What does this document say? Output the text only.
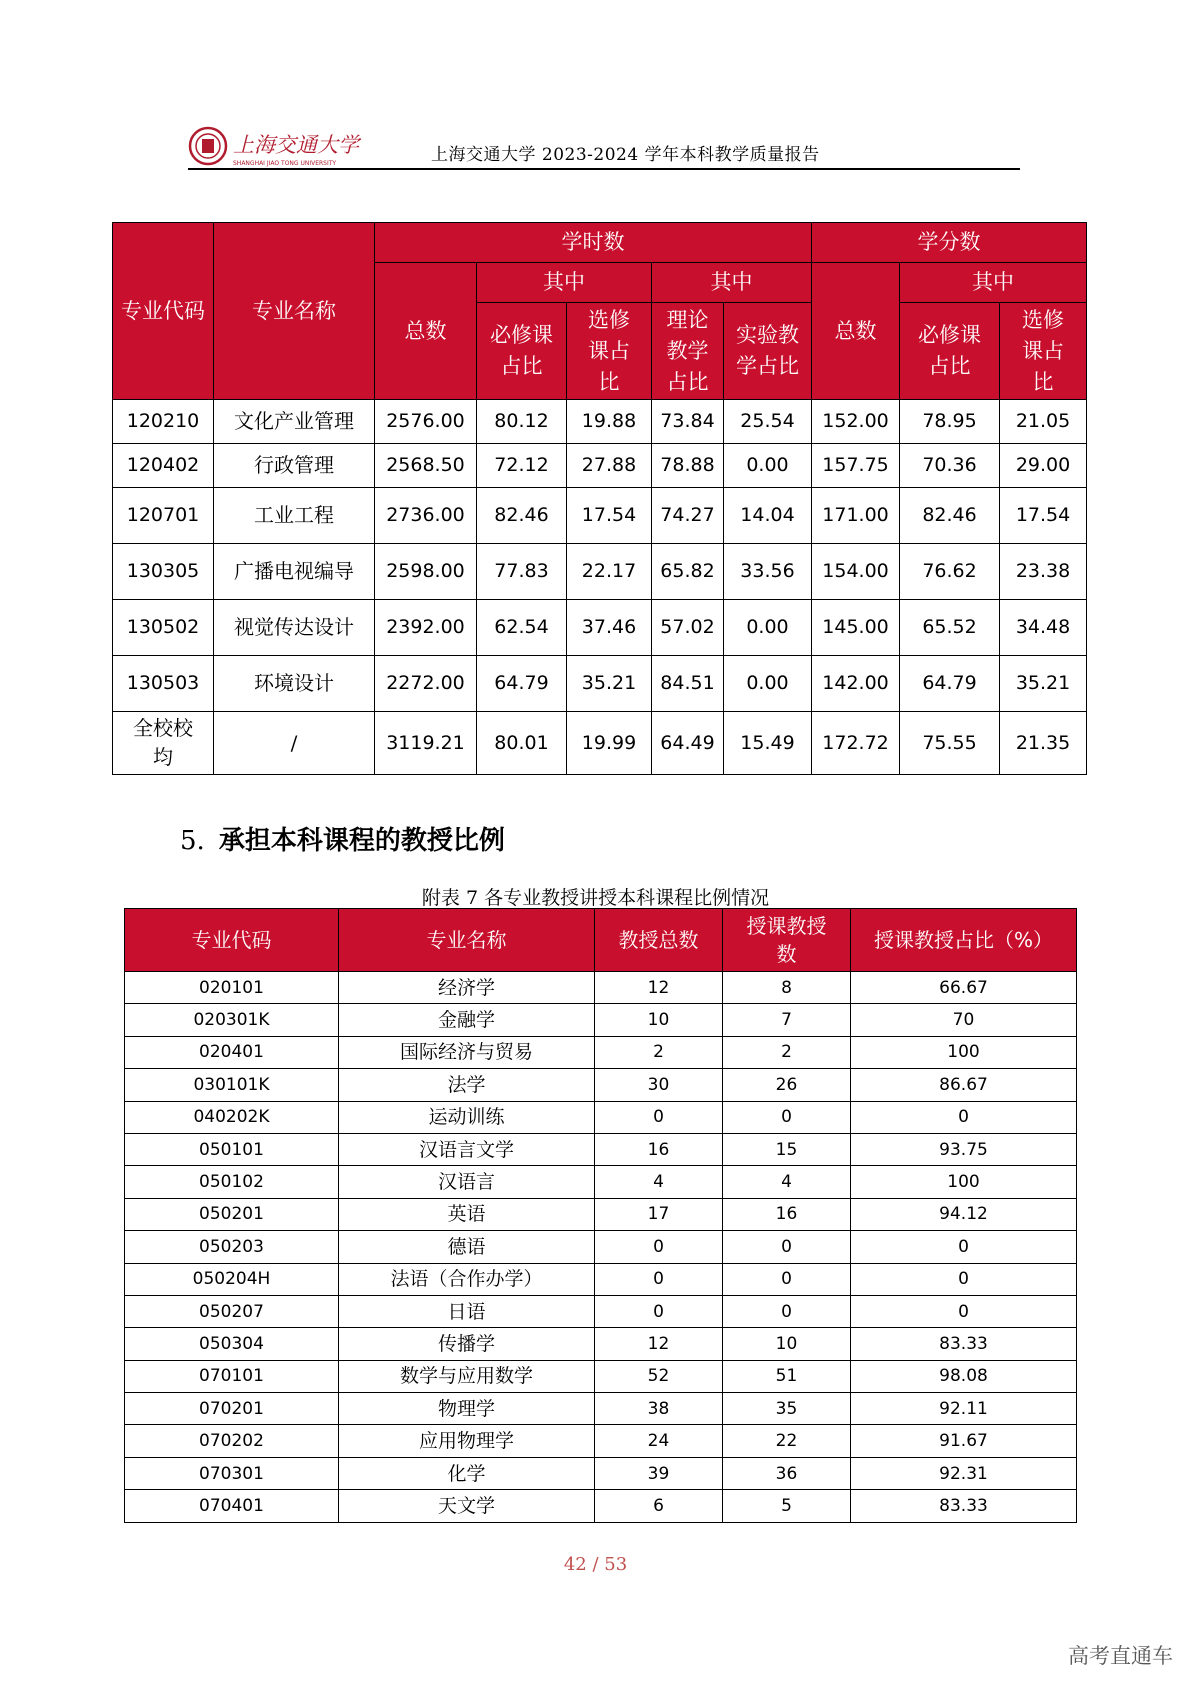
上海交通大学
SHANGHAI JIAO TONG UNIVERSITY	上海交通大学 2023-2024 学年本科教学质量报告
专业代码	专业名称	学时数					学分数		
		总数	其中		其中		总数	其中	
			必修课占比	选修课占比	理论教学占比	实验教学占比		必修课占比	选修课占比
120210	文化产业管理	2576.00	80.12	19.88	73.84	25.54	152.00	78.95	21.05
120402	行政管理	2568.50	72.12	27.88	78.88	0.00	157.75	70.36	29.00
120701	工业工程	2736.00	82.46	17.54	74.27	14.04	171.00	82.46	17.54
130305	广播电视编导	2598.00	77.83	22.17	65.82	33.56	154.00	76.62	23.38
130502	视觉传达设计	2392.00	62.54	37.46	57.02	0.00	145.00	65.52	34.48
130503	环境设计	2272.00	64.79	35.21	84.51	0.00	142.00	64.79	35.21
全校校均	/	3119.21	80.01	19.99	64.49	15.49	172.72	75.55	21.35
5. 承担本科课程的教授比例
附表 7 各专业教授讲授本科课程比例情况
专业代码	专业名称	教授总数	授课教授数	授课教授占比（%）
020101	经济学	12	8	66.67
020301K	金融学	10	7	70
020401	国际经济与贸易	2	2	100
030101K	法学	30	26	86.67
040202K	运动训练	0	0	0
050101	汉语言文学	16	15	93.75
050102	汉语言	4	4	100
050201	英语	17	16	94.12
050203	德语	0	0	0
050204H	法语（合作办学）	0	0	0
050207	日语	0	0	0
050304	传播学	12	10	83.33
070101	数学与应用数学	52	51	98.08
070201	物理学	38	35	92.11
070202	应用物理学	24	22	91.67
070301	化学	39	36	92.31
070401	天文学	6	5	83.33
42 / 53
高考直通车
